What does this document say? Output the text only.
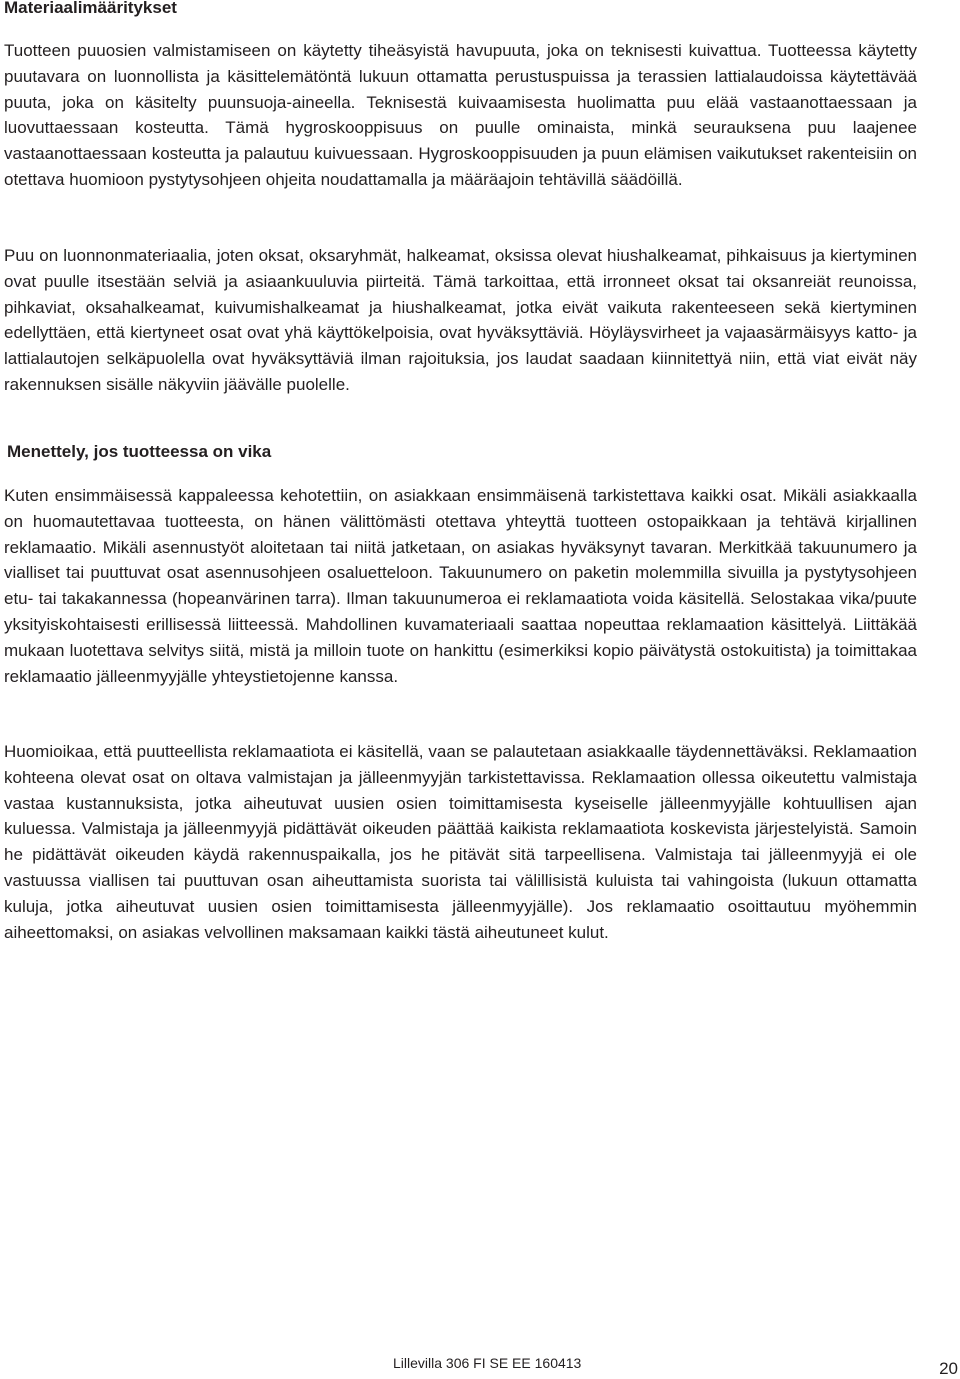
Materiaalimääritykset

Tuotteen puuosien valmistamiseen on käytetty tiheäsyistä havupuuta, joka on teknisesti kuivattua. Tuotteessa käytetty puutavara on luonnollista ja käsittelemätöntä lukuun ottamatta perustuspuissa ja terassien lattialaudoissa käytettävää puuta, joka on käsitelty puunsuoja-aineella. Teknisestä kuivaamisesta huolimatta puu elää vastaanottaessaan ja luovuttaessaan kosteutta. Tämä hygroskooppisuus on puulle ominaista, minkä seurauksena puu laajenee vastaanottaessaan kosteutta ja palautuu kuivuessaan. Hygroskooppisuuden ja puun elämisen vaikutukset rakenteisiin on otettava huomioon pystytysohjeen ohjeita noudattamalla ja määräajoin tehtävillä säädöillä.

Puu on luonnonmateriaalia, joten oksat, oksaryhmät, halkeamat, oksissa olevat hiushalkeamat, pihkaisuus ja kiertyminen ovat puulle itsestään selviä ja asiaankuuluvia piirteitä. Tämä tarkoittaa, että irronneet oksat tai oksanreiät reunoissa, pihkaviat, oksahalkeamat, kuivumishalkeamat ja hiushalkeamat, jotka eivät vaikuta rakenteeseen sekä kiertyminen edellyttäen, että kiertyneet osat ovat yhä käyttökelpoisia, ovat hyväksyttäviä. Höyläysvirheet ja vajaasärmäisyys katto- ja lattialautojen selkäpuolella ovat hyväksyttäviä ilman rajoituksia, jos laudat saadaan kiinnitettyä niin, että viat eivät näy rakennuksen sisälle näkyviin jäävälle puolelle.

Menettely, jos tuotteessa on vika

Kuten ensimmäisessä kappaleessa kehotettiin, on asiakkaan ensimmäisenä tarkistettava kaikki osat. Mikäli asiakkaalla on huomautettavaa tuotteesta, on hänen välittömästi otettava yhteyttä tuotteen ostopaikkaan ja tehtävä kirjallinen reklamaatio. Mikäli asennustyöt aloitetaan tai niitä jatketaan, on asiakas hyväksynyt tavaran. Merkitkää takuunumero ja vialliset tai puuttuvat osat asennusohjeen osaluetteloon. Takuunumero on paketin molemmilla sivuilla ja pystytysohjeen etu- tai takakannessa (hopeanvärinen tarra). Ilman takuunumeroa ei reklamaatiota voida käsitellä. Selostakaa vika/puute yksityiskohtaisesti erillisessä liitteessä. Mahdollinen kuvamateriaali saattaa nopeuttaa reklamaation käsittelyä. Liittäkää mukaan luotettava selvitys siitä, mistä ja milloin tuote on hankittu (esimerkiksi kopio päivätystä ostokuitista) ja toimittakaa reklamaatio jälleenmyyjälle yhteystietojenne kanssa.

Huomioikaa, että puutteellista reklamaatiota ei käsitellä, vaan se palautetaan asiakkaalle täydennettäväksi. Reklamaation kohteena olevat osat on oltava valmistajan ja jälleenmyyjän tarkistettavissa. Reklamaation ollessa oikeutettu valmistaja vastaa kustannuksista, jotka aiheutuvat uusien osien toimittamisesta kyseiselle jälleenmyyjälle kohtuullisen ajan kuluessa. Valmistaja ja jälleenmyyjä pidättävät oikeuden päättää kaikista reklamaatiota koskevista järjestelyistä. Samoin he pidättävät oikeuden käydä rakennuspaikalla, jos he pitävät sitä tarpeellisena. Valmistaja tai jälleenmyyjä ei ole vastuussa viallisen tai puuttuvan osan aiheuttamista suorista tai välillisistä kuluista tai vahingoista (lukuun ottamatta kuluja, jotka aiheutuvat uusien osien toimittamisesta jälleenmyyjälle). Jos reklamaatio osoittautuu myöhemmin aiheettomaksi, on asiakas velvollinen maksamaan kaikki tästä aiheutuneet kulut.

Lillevilla 306 FI SE EE 160413	20
